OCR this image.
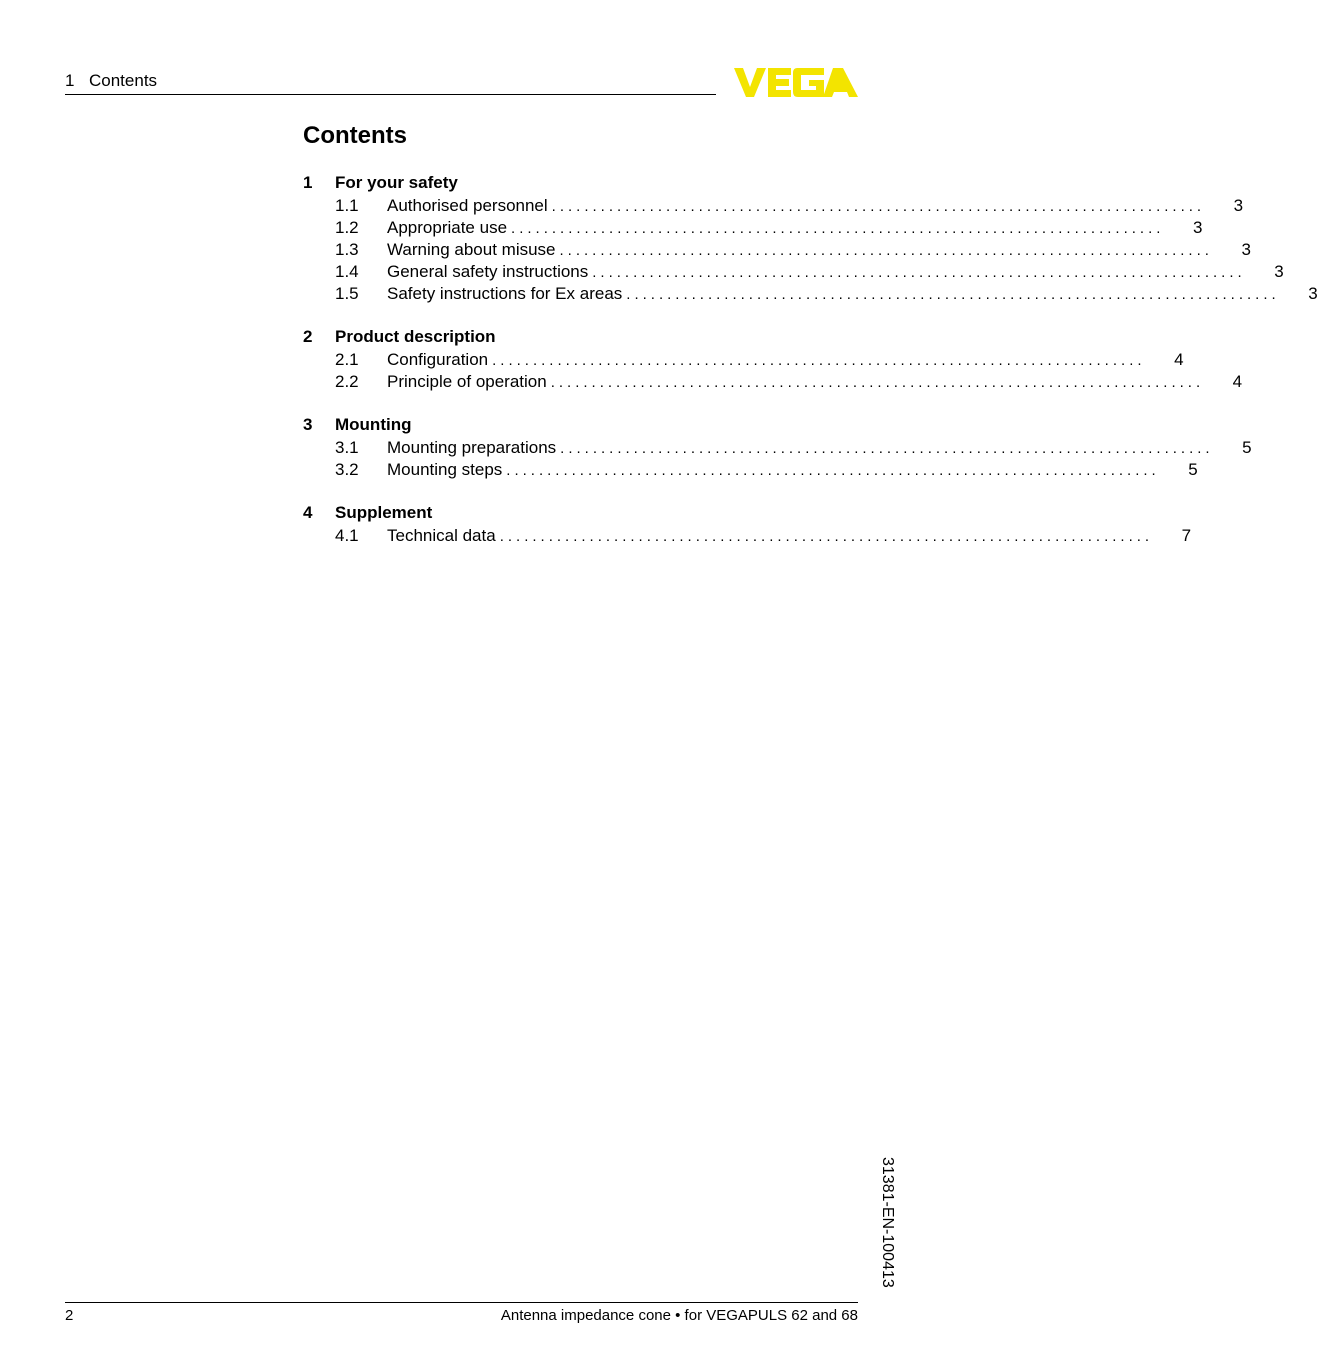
1 Contents
Contents
1	For your safety
1.1	Authorised personnel ................................................................................	3
1.2	Appropriate use ................................................................................	3
1.3	Warning about misuse ................................................................................	3
1.4	General safety instructions ................................................................................	3
1.5	Safety instructions for Ex areas ................................................................................	3
2	Product description
2.1	Configuration ................................................................................	4
2.2	Principle of operation ................................................................................	4
3	Mounting
3.1	Mounting preparations ................................................................................	5
3.2	Mounting steps ................................................................................	5
4	Supplement
4.1	Technical data ................................................................................	7
31381-EN-100413
2	Antenna impedance cone • for VEGAPULS 62 and 68
